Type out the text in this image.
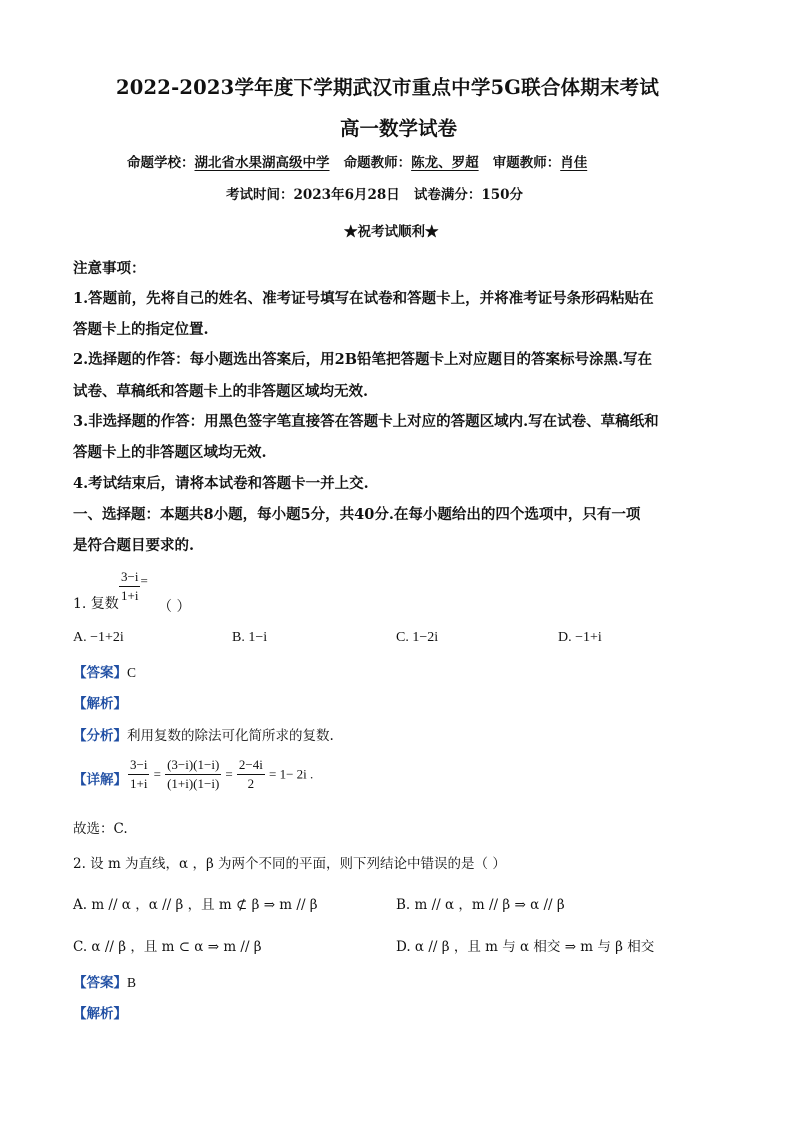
2022-2023学年度下学期武汉市重点中学5G联合体期末考试
高一数学试卷
命题学校：湖北省水果湖高级中学 命题教师：陈龙、罗超 审题教师：肖佳
考试时间：2023年6月28日   试卷满分：150分
★祝考试顺利★
注意事项：
1.答题前，先将自己的姓名、准考证号填写在试卷和答题卡上，并将准考证号条形码粘贴在
答题卡上的指定位置.
2.选择题的作答：每小题选出答案后，用2B铅笔把答题卡上对应题目的答案标号涂黑.写在
试卷、草稿纸和答题卡上的非答题区域均无效.
3.非选择题的作答：用黑色签字笔直接答在答题卡上对应的答题区域内.写在试卷、草稿纸和
答题卡上的非答题区域均无效.
4.考试结束后，请将本试卷和答题卡一并上交.
一、选择题：本题共8小题，每小题5分，共40分.在每小题给出的四个选项中，只有一项
是符合题目要求的.
1. 复数 $\frac{3-i}{1+i} ^=$
（ ）
A. −1+2i	B. 1−i	C. 1−2i	D. −1+i
【答案】C
【解析】
【分析】利用复数的除法可化简所求的复数.
【详解】 $\frac{3-i}{1+i} = \frac{(3-i)(1-i)}{(1+i)(1-i)} = \frac{2-4i}{2} = 1- 2i$ .
故选：C.
2. 设 m 为直线，α ，β 为两个不同的平面，则下列结论中错误的是（ ）
A. m // α ，α // β ，且 m ⊄ β ⇒ m // β	B. m // α ，m // β ⇒ α // β
C. α // β ，且 m ⊂ α ⇒ m // β	D. α // β ，且 m 与 α 相交 ⇒ m 与 β 相交
【答案】B
【解析】
